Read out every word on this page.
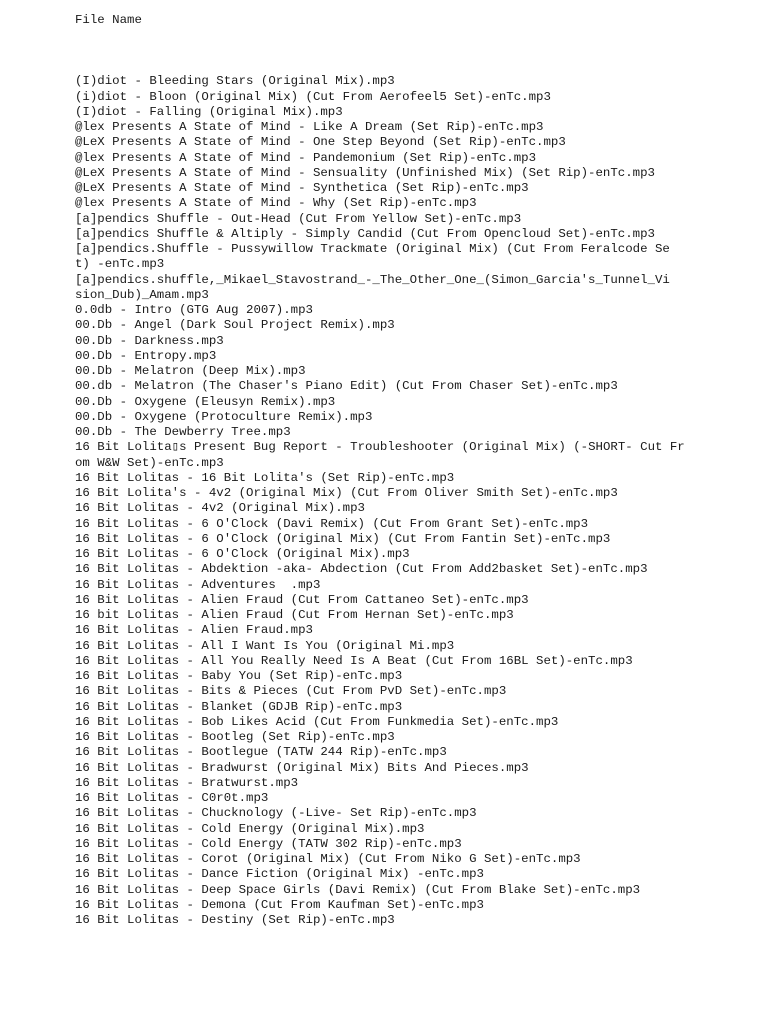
File Name
(I)diot - Bleeding Stars (Original Mix).mp3
(i)diot - Bloon (Original Mix) (Cut From Aerofeel5 Set)-enTc.mp3
(I)diot - Falling (Original Mix).mp3
@lex Presents A State of Mind - Like A Dream (Set Rip)-enTc.mp3
@LeX Presents A State of Mind - One Step Beyond (Set Rip)-enTc.mp3
@lex Presents A State of Mind - Pandemonium (Set Rip)-enTc.mp3
@LeX Presents A State of Mind - Sensuality (Unfinished Mix) (Set Rip)-enTc.mp3
@LeX Presents A State of Mind - Synthetica (Set Rip)-enTc.mp3
@lex Presents A State of Mind - Why (Set Rip)-enTc.mp3
[a]pendics Shuffle - Out-Head (Cut From Yellow Set)-enTc.mp3
[a]pendics Shuffle & Altiply - Simply Candid (Cut From Opencloud Set)-enTc.mp3
[a]pendics.Shuffle - Pussywillow Trackmate (Original Mix) (Cut From Feralcode Se
t) -enTc.mp3
[a]pendics.shuffle,_Mikael_Stavostrand_-_The_Other_One_(Simon_Garcia's_Tunnel_Vi
sion_Dub)_Amam.mp3
0.0db - Intro (GTG Aug 2007).mp3
00.Db - Angel (Dark Soul Project Remix).mp3
00.Db - Darkness.mp3
00.Db - Entropy.mp3
00.Db - Melatron (Deep Mix).mp3
00.db - Melatron (The Chaser's Piano Edit) (Cut From Chaser Set)-enTc.mp3
00.Db - Oxygene (Eleusyn Remix).mp3
00.Db - Oxygene (Protoculture Remix).mp3
00.Db - The Dewberry Tree.mp3
16 Bit Lolita▯s Present Bug Report - Troubleshooter (Original Mix) (-SHORT- Cut Fr
om W&W Set)-enTc.mp3
16 Bit Lolitas - 16 Bit Lolita's (Set Rip)-enTc.mp3
16 Bit Lolita's - 4v2 (Original Mix) (Cut From Oliver Smith Set)-enTc.mp3
16 Bit Lolitas - 4v2 (Original Mix).mp3
16 Bit Lolitas - 6 O'Clock (Davi Remix) (Cut From Grant Set)-enTc.mp3
16 Bit Lolitas - 6 O'Clock (Original Mix) (Cut From Fantin Set)-enTc.mp3
16 Bit Lolitas - 6 O'Clock (Original Mix).mp3
16 Bit Lolitas - Abdektion -aka- Abdection (Cut From Add2basket Set)-enTc.mp3
16 Bit Lolitas - Adventures  .mp3
16 Bit Lolitas - Alien Fraud (Cut From Cattaneo Set)-enTc.mp3
16 bit Lolitas - Alien Fraud (Cut From Hernan Set)-enTc.mp3
16 Bit Lolitas - Alien Fraud.mp3
16 Bit Lolitas - All I Want Is You (Original Mi.mp3
16 Bit Lolitas - All You Really Need Is A Beat (Cut From 16BL Set)-enTc.mp3
16 Bit Lolitas - Baby You (Set Rip)-enTc.mp3
16 Bit Lolitas - Bits & Pieces (Cut From PvD Set)-enTc.mp3
16 Bit Lolitas - Blanket (GDJB Rip)-enTc.mp3
16 Bit Lolitas - Bob Likes Acid (Cut From Funkmedia Set)-enTc.mp3
16 Bit Lolitas - Bootleg (Set Rip)-enTc.mp3
16 Bit Lolitas - Bootlegue (TATW 244 Rip)-enTc.mp3
16 Bit Lolitas - Bradwurst (Original Mix) Bits And Pieces.mp3
16 Bit Lolitas - Bratwurst.mp3
16 Bit Lolitas - C0r0t.mp3
16 Bit Lolitas - Chucknology (-Live- Set Rip)-enTc.mp3
16 Bit Lolitas - Cold Energy (Original Mix).mp3
16 Bit Lolitas - Cold Energy (TATW 302 Rip)-enTc.mp3
16 Bit Lolitas - Corot (Original Mix) (Cut From Niko G Set)-enTc.mp3
16 Bit Lolitas - Dance Fiction (Original Mix) -enTc.mp3
16 Bit Lolitas - Deep Space Girls (Davi Remix) (Cut From Blake Set)-enTc.mp3
16 Bit Lolitas - Demona (Cut From Kaufman Set)-enTc.mp3
16 Bit Lolitas - Destiny (Set Rip)-enTc.mp3
